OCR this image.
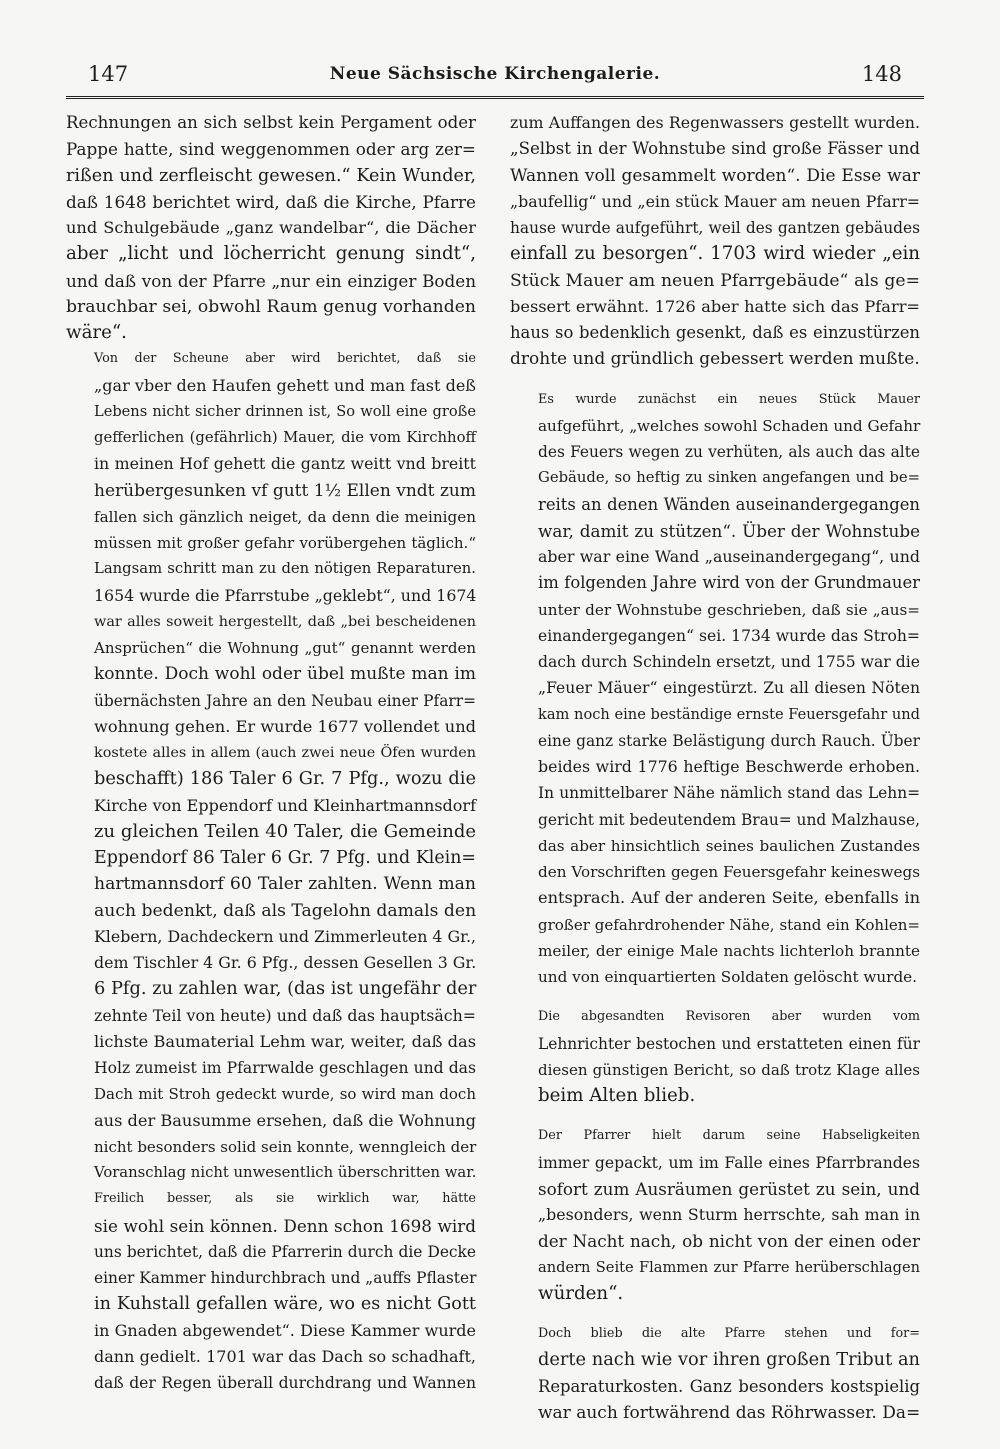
147	Neue Sächsische Kirchengalerie.	148

Rechnungen an sich selbst kein Pergament oder
Pappe hatte, sind weggenommen oder arg zer=
rißen und zerfleischt gewesen.“ Kein Wunder,
daß 1648 berichtet wird, daß die Kirche, Pfarre
und Schulgebäude „ganz wandelbar“, die Dächer
aber „licht und löcherricht genung sindt“,
und daß von der Pfarre „nur ein einziger Boden
brauchbar sei, obwohl Raum genug vorhanden
wäre“.

Von der Scheune aber wird berichtet, daß sie
„gar vber den Haufen gehett und man fast deß
Lebens nicht sicher drinnen ist, So woll eine große
gefferlichen (gefährlich) Mauer, die vom Kirchhoff
in meinen Hof gehett die gantz weitt vnd breitt
herübergesunken vf gutt 1½ Ellen vndt zum
fallen sich gänzlich neiget, da denn die meinigen
müssen mit großer gefahr vorübergehen täglich.“
Langsam schritt man zu den nötigen Reparaturen.
1654 wurde die Pfarrstube „geklebt“, und 1674
war alles soweit hergestellt, daß „bei bescheidenen
Ansprüchen“ die Wohnung „gut“ genannt werden
konnte. Doch wohl oder übel mußte man im
übernächsten Jahre an den Neubau einer Pfarr=
wohnung gehen. Er wurde 1677 vollendet und
kostete alles in allem (auch zwei neue Öfen wurden
beschafft) 186 Taler 6 Gr. 7 Pfg., wozu die
Kirche von Eppendorf und Kleinhartmannsdorf
zu gleichen Teilen 40 Taler, die Gemeinde
Eppendorf 86 Taler 6 Gr. 7 Pfg. und Klein=
hartmannsdorf 60 Taler zahlten. Wenn man
auch bedenkt, daß als Tagelohn damals den
Klebern, Dachdeckern und Zimmerleuten 4 Gr.,
dem Tischler 4 Gr. 6 Pfg., dessen Gesellen 3 Gr.
6 Pfg. zu zahlen war, (das ist ungefähr der
zehnte Teil von heute) und daß das hauptsäch=
lichste Baumaterial Lehm war, weiter, daß das
Holz zumeist im Pfarrwalde geschlagen und das
Dach mit Stroh gedeckt wurde, so wird man doch
aus der Bausumme ersehen, daß die Wohnung
nicht besonders solid sein konnte, wenngleich der
Voranschlag nicht unwesentlich überschritten war.

Freilich besser, als sie wirklich war, hätte
sie wohl sein können. Denn schon 1698 wird
uns berichtet, daß die Pfarrerin durch die Decke
einer Kammer hindurchbrach und „auffs Pflaster
in Kuhstall gefallen wäre, wo es nicht Gott
in Gnaden abgewendet“. Diese Kammer wurde
dann gedielt. 1701 war das Dach so schadhaft,
daß der Regen überall durchdrang und Wannen

zum Auffangen des Regenwassers gestellt wurden.
„Selbst in der Wohnstube sind große Fässer und
Wannen voll gesammelt worden“. Die Esse war
„baufellig“ und „ein stück Mauer am neuen Pfarr=
hause wurde aufgeführt, weil des gantzen gebäudes
einfall zu besorgen“. 1703 wird wieder „ein
Stück Mauer am neuen Pfarrgebäude“ als ge=
bessert erwähnt. 1726 aber hatte sich das Pfarr=
haus so bedenklich gesenkt, daß es einzustürzen
drohte und gründlich gebessert werden mußte.

Es wurde zunächst ein neues Stück Mauer
aufgeführt, „welches sowohl Schaden und Gefahr
des Feuers wegen zu verhüten, als auch das alte
Gebäude, so heftig zu sinken angefangen und be=
reits an denen Wänden auseinandergegangen
war, damit zu stützen“. Über der Wohnstube
aber war eine Wand „auseinandergegang“, und
im folgenden Jahre wird von der Grundmauer
unter der Wohnstube geschrieben, daß sie „aus=
einandergegangen“ sei. 1734 wurde das Stroh=
dach durch Schindeln ersetzt, und 1755 war die
„Feuer Mäuer“ eingestürzt. Zu all diesen Nöten
kam noch eine beständige ernste Feuersgefahr und
eine ganz starke Belästigung durch Rauch. Über
beides wird 1776 heftige Beschwerde erhoben.
In unmittelbarer Nähe nämlich stand das Lehn=
gericht mit bedeutendem Brau= und Malzhause,
das aber hinsichtlich seines baulichen Zustandes
den Vorschriften gegen Feuersgefahr keineswegs
entsprach. Auf der anderen Seite, ebenfalls in
großer gefahrdrohender Nähe, stand ein Kohlen=
meiler, der einige Male nachts lichterloh brannte
und von einquartierten Soldaten gelöscht wurde.

Die abgesandten Revisoren aber wurden vom
Lehnrichter bestochen und erstatteten einen für
diesen günstigen Bericht, so daß trotz Klage alles
beim Alten blieb.

Der Pfarrer hielt darum seine Habseligkeiten
immer gepackt, um im Falle eines Pfarrbrandes
sofort zum Ausräumen gerüstet zu sein, und
„besonders, wenn Sturm herrschte, sah man in
der Nacht nach, ob nicht von der einen oder
andern Seite Flammen zur Pfarre herüberschlagen
würden“.

Doch blieb die alte Pfarre stehen und for=
derte nach wie vor ihren großen Tribut an
Reparaturkosten. Ganz besonders kostspielig
war auch fortwährend das Röhrwasser. Da=
